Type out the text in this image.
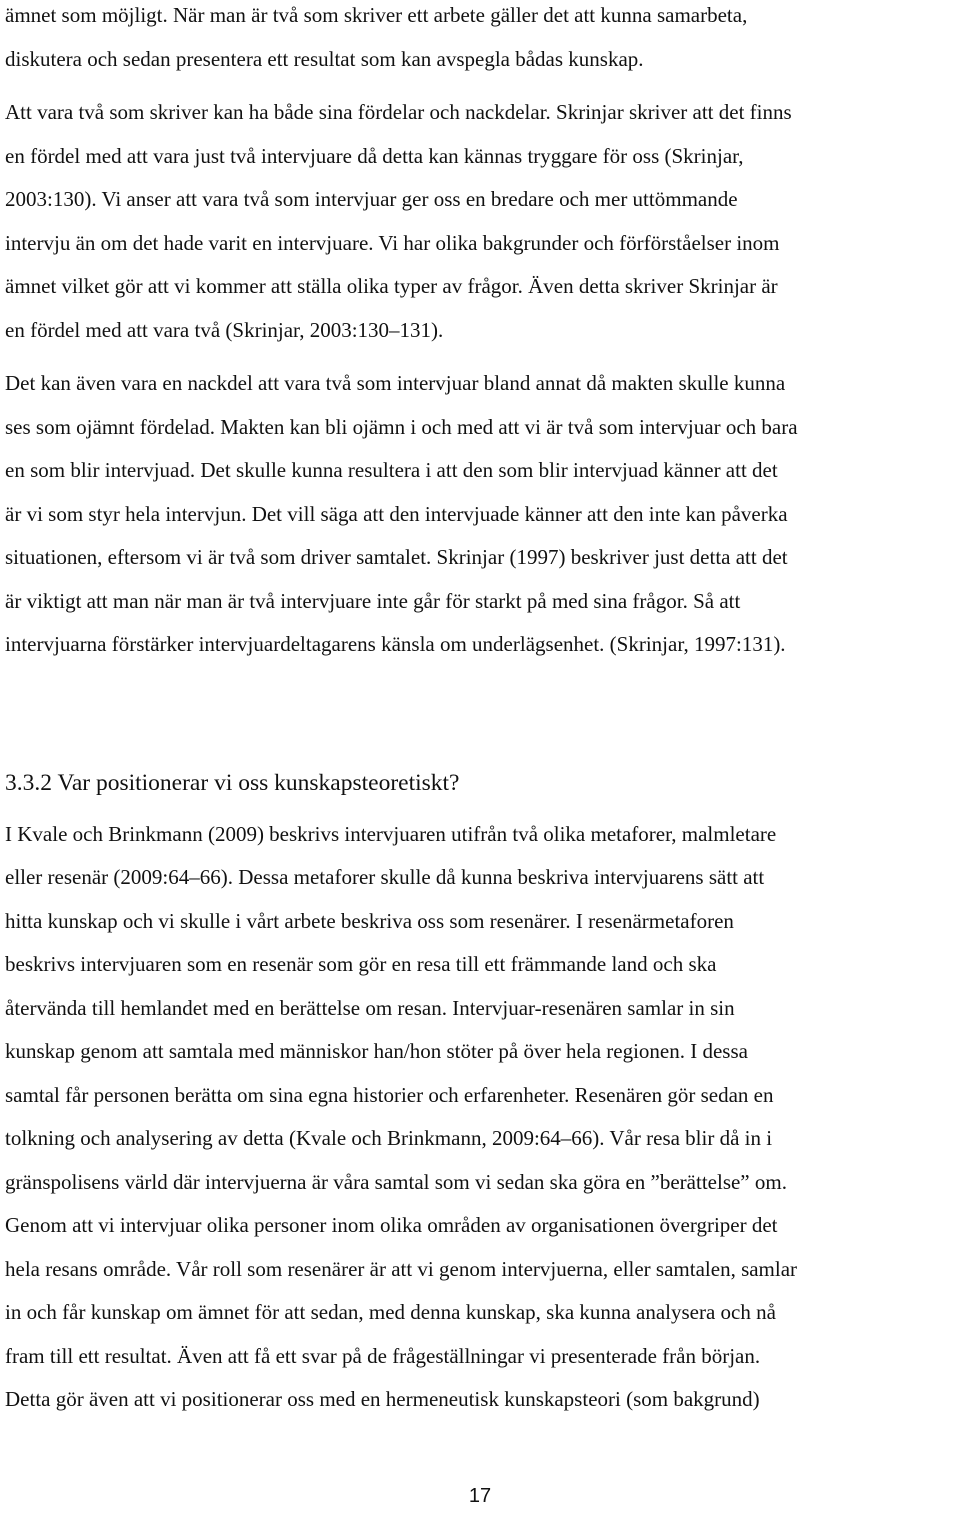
ämnet som möjligt. När man är två som skriver ett arbete gäller det att kunna samarbeta,
diskutera och sedan presentera ett resultat som kan avspegla bådas kunskap.

Att vara två som skriver kan ha både sina fördelar och nackdelar. Skrinjar skriver att det finns
en fördel med att vara just två intervjuare då detta kan kännas tryggare för oss (Skrinjar,
2003:130). Vi anser att vara två som intervjuar ger oss en bredare och mer uttömmande
intervju än om det hade varit en intervjuare. Vi har olika bakgrunder och förförståelser inom
ämnet vilket gör att vi kommer att ställa olika typer av frågor. Även detta skriver Skrinjar är
en fördel med att vara två (Skrinjar, 2003:130–131).

Det kan även vara en nackdel att vara två som intervjuar bland annat då makten skulle kunna
ses som ojämnt fördelad. Makten kan bli ojämn i och med att vi är två som intervjuar och bara
en som blir intervjuad. Det skulle kunna resultera i att den som blir intervjuad känner att det
är vi som styr hela intervjun. Det vill säga att den intervjuade känner att den inte kan påverka
situationen, eftersom vi är två som driver samtalet. Skrinjar (1997) beskriver just detta att det
är viktigt att man när man är två intervjuare inte går för starkt på med sina frågor. Så att
intervjuarna förstärker intervjuardeltagarens känsla om underlägsenhet. (Skrinjar, 1997:131).

3.3.2 Var positionerar vi oss kunskapsteoretiskt?

I Kvale och Brinkmann (2009) beskrivs intervjuaren utifrån två olika metaforer, malmletare
eller resenär (2009:64–66). Dessa metaforer skulle då kunna beskriva intervjuarens sätt att
hitta kunskap och vi skulle i vårt arbete beskriva oss som resenärer. I resenärmetaforen
beskrivs intervjuaren som en resenär som gör en resa till ett främmande land och ska
återvända till hemlandet med en berättelse om resan. Intervjuar-resenären samlar in sin
kunskap genom att samtala med människor han/hon stöter på över hela regionen. I dessa
samtal får personen berätta om sina egna historier och erfarenheter. Resenären gör sedan en
tolkning och analysering av detta (Kvale och Brinkmann, 2009:64–66). Vår resa blir då in i
gränspolisens värld där intervjuerna är våra samtal som vi sedan ska göra en ”berättelse” om.
Genom att vi intervjuar olika personer inom olika områden av organisationen övergriper det
hela resans område. Vår roll som resenärer är att vi genom intervjuerna, eller samtalen, samlar
in och får kunskap om ämnet för att sedan, med denna kunskap, ska kunna analysera och nå
fram till ett resultat. Även att få ett svar på de frågeställningar vi presenterade från början.
Detta gör även att vi positionerar oss med en hermeneutisk kunskapsteori (som bakgrund)

17
